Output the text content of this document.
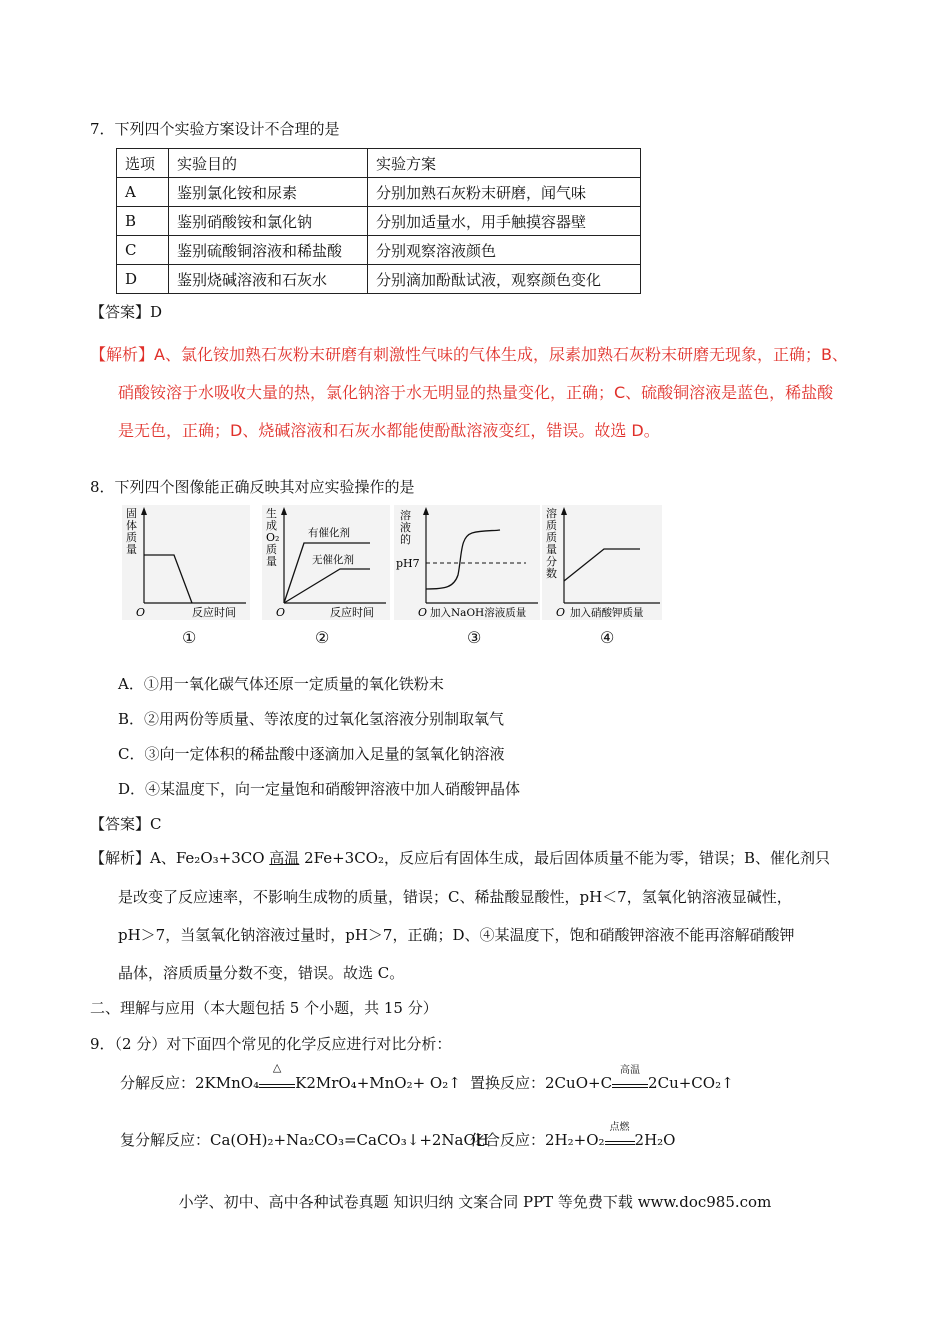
7．下列四个实验方案设计不合理的是
选项	实验目的	实验方案
A	鉴别氯化铵和尿素	分别加熟石灰粉末研磨，闻气味
B	鉴别硝酸铵和氯化钠	分别加适量水，用手触摸容器壁
C	鉴别硫酸铜溶液和稀盐酸	分别观察溶液颜色
D	鉴别烧碱溶液和石灰水	分别滴加酚酞试液，观察颜色变化
【答案】D
【解析】A、氯化铵加熟石灰粉末研磨有刺激性气味的气体生成，尿素加熟石灰粉末研磨无现象，正确；B、
硝酸铵溶于水吸收大量的热，氯化钠溶于水无明显的热量变化，正确；C、硫酸铜溶液是蓝色，稀盐酸
是无色，正确；D、烧碱溶液和石灰水都能使酚酞溶液变红，错误。故选 D。
8．下列四个图像能正确反映其对应实验操作的是
固
体
质
量
O	反应时间
生
成
O₂
质
量
有催化剂
无催化剂
O	反应时间
溶
液
的
pH7
O 加入NaOH溶液质量
溶
质
质
量
分
数
O 加入硝酸钾质量
①	②	③	④
A．①用一氧化碳气体还原一定质量的氧化铁粉末
B．②用两份等质量、等浓度的过氧化氢溶液分别制取氧气
C．③向一定体积的稀盐酸中逐滴加入足量的氢氧化钠溶液
D．④某温度下，向一定量饱和硝酸钾溶液中加人硝酸钾晶体
【答案】C
【解析】A、Fe₂O₃+3CO 高温 2Fe+3CO₂，反应后有固体生成，最后固体质量不能为零，错误；B、催化剂只
是改变了反应速率，不影响生成物的质量，错误；C、稀盐酸显酸性，pH＜7，氢氧化钠溶液显碱性，
pH＞7，当氢氧化钠溶液过量时，pH＞7，正确；D、④某温度下，饱和硝酸钾溶液不能再溶解硝酸钾
晶体，溶质质量分数不变，错误。故选 C。
二、理解与应用（本大题包括 5 个小题，共 15 分）
9．（2 分）对下面四个常见的化学反应进行对比分析：
分解反应：2KMnO₄
△
K2MrO₄+MnO₂+ O₂↑ 置换反应：2CuO+C
高温
2Cu+CO₂↑
复分解反应：Ca(OH)₂+Na₂CO₃=CaCO₃↓+2NaOH
化合反应：2H₂+O₂
点燃
2H₂O
小学、初中、高中各种试卷真题 知识归纳 文案合同 PPT 等免费下载 www.doc985.com
